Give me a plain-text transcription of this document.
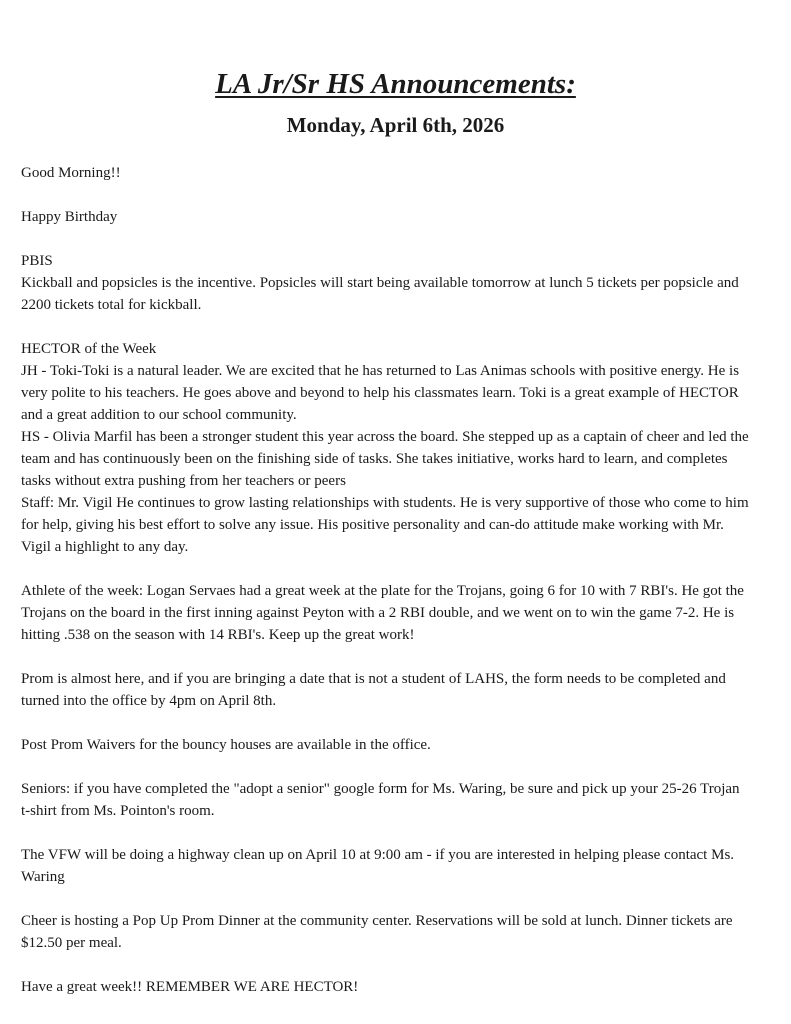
LA Jr/Sr HS Announcements:
Monday, April 6th, 2026
Good Morning!!
Happy Birthday
PBIS
Kickball and popsicles is the incentive. Popsicles will start being available tomorrow at lunch 5 tickets per popsicle and
2200 tickets total for kickball.
HECTOR of the Week
JH - Toki-Toki is a natural leader. We are excited that he has returned to Las Animas schools with positive energy. He is
very polite to his teachers. He goes above and beyond to help his classmates learn. Toki is a great example of HECTOR
and a great addition to our school community.
HS - Olivia Marfil has been a stronger student this year across the board. She stepped up as a captain of cheer and led the
team and has continuously been on the finishing side of tasks. She takes initiative, works hard to learn, and completes
tasks without extra pushing from her teachers or peers
Staff: Mr. Vigil He continues to grow lasting relationships with students. He is very supportive of those who come to him
for help, giving his best effort to solve any issue. His positive personality and can-do attitude make working with Mr.
Vigil a highlight to any day.
Athlete of the week: Logan Servaes had a great week at the plate for the Trojans, going 6 for 10 with 7 RBI's. He got the
Trojans on the board in the first inning against Peyton with a 2 RBI double, and we went on to win the game 7-2. He is
hitting .538 on the season with 14 RBI's. Keep up the great work!
Prom is almost here, and if you are bringing a date that is not a student of LAHS, the form needs to be completed and
turned into the office by 4pm on April 8th.
Post Prom Waivers for the bouncy houses are available in the office.
Seniors: if you have completed the "adopt a senior" google form for Ms. Waring, be sure and pick up your 25-26 Trojan
t-shirt from Ms. Pointon's room.
The VFW will be doing a highway clean up on April 10 at 9:00 am - if you are interested in helping please contact Ms.
Waring
Cheer is hosting a Pop Up Prom Dinner at the community center. Reservations will be sold at lunch. Dinner tickets are
$12.50 per meal.
Have a great week!! REMEMBER WE ARE HECTOR!
